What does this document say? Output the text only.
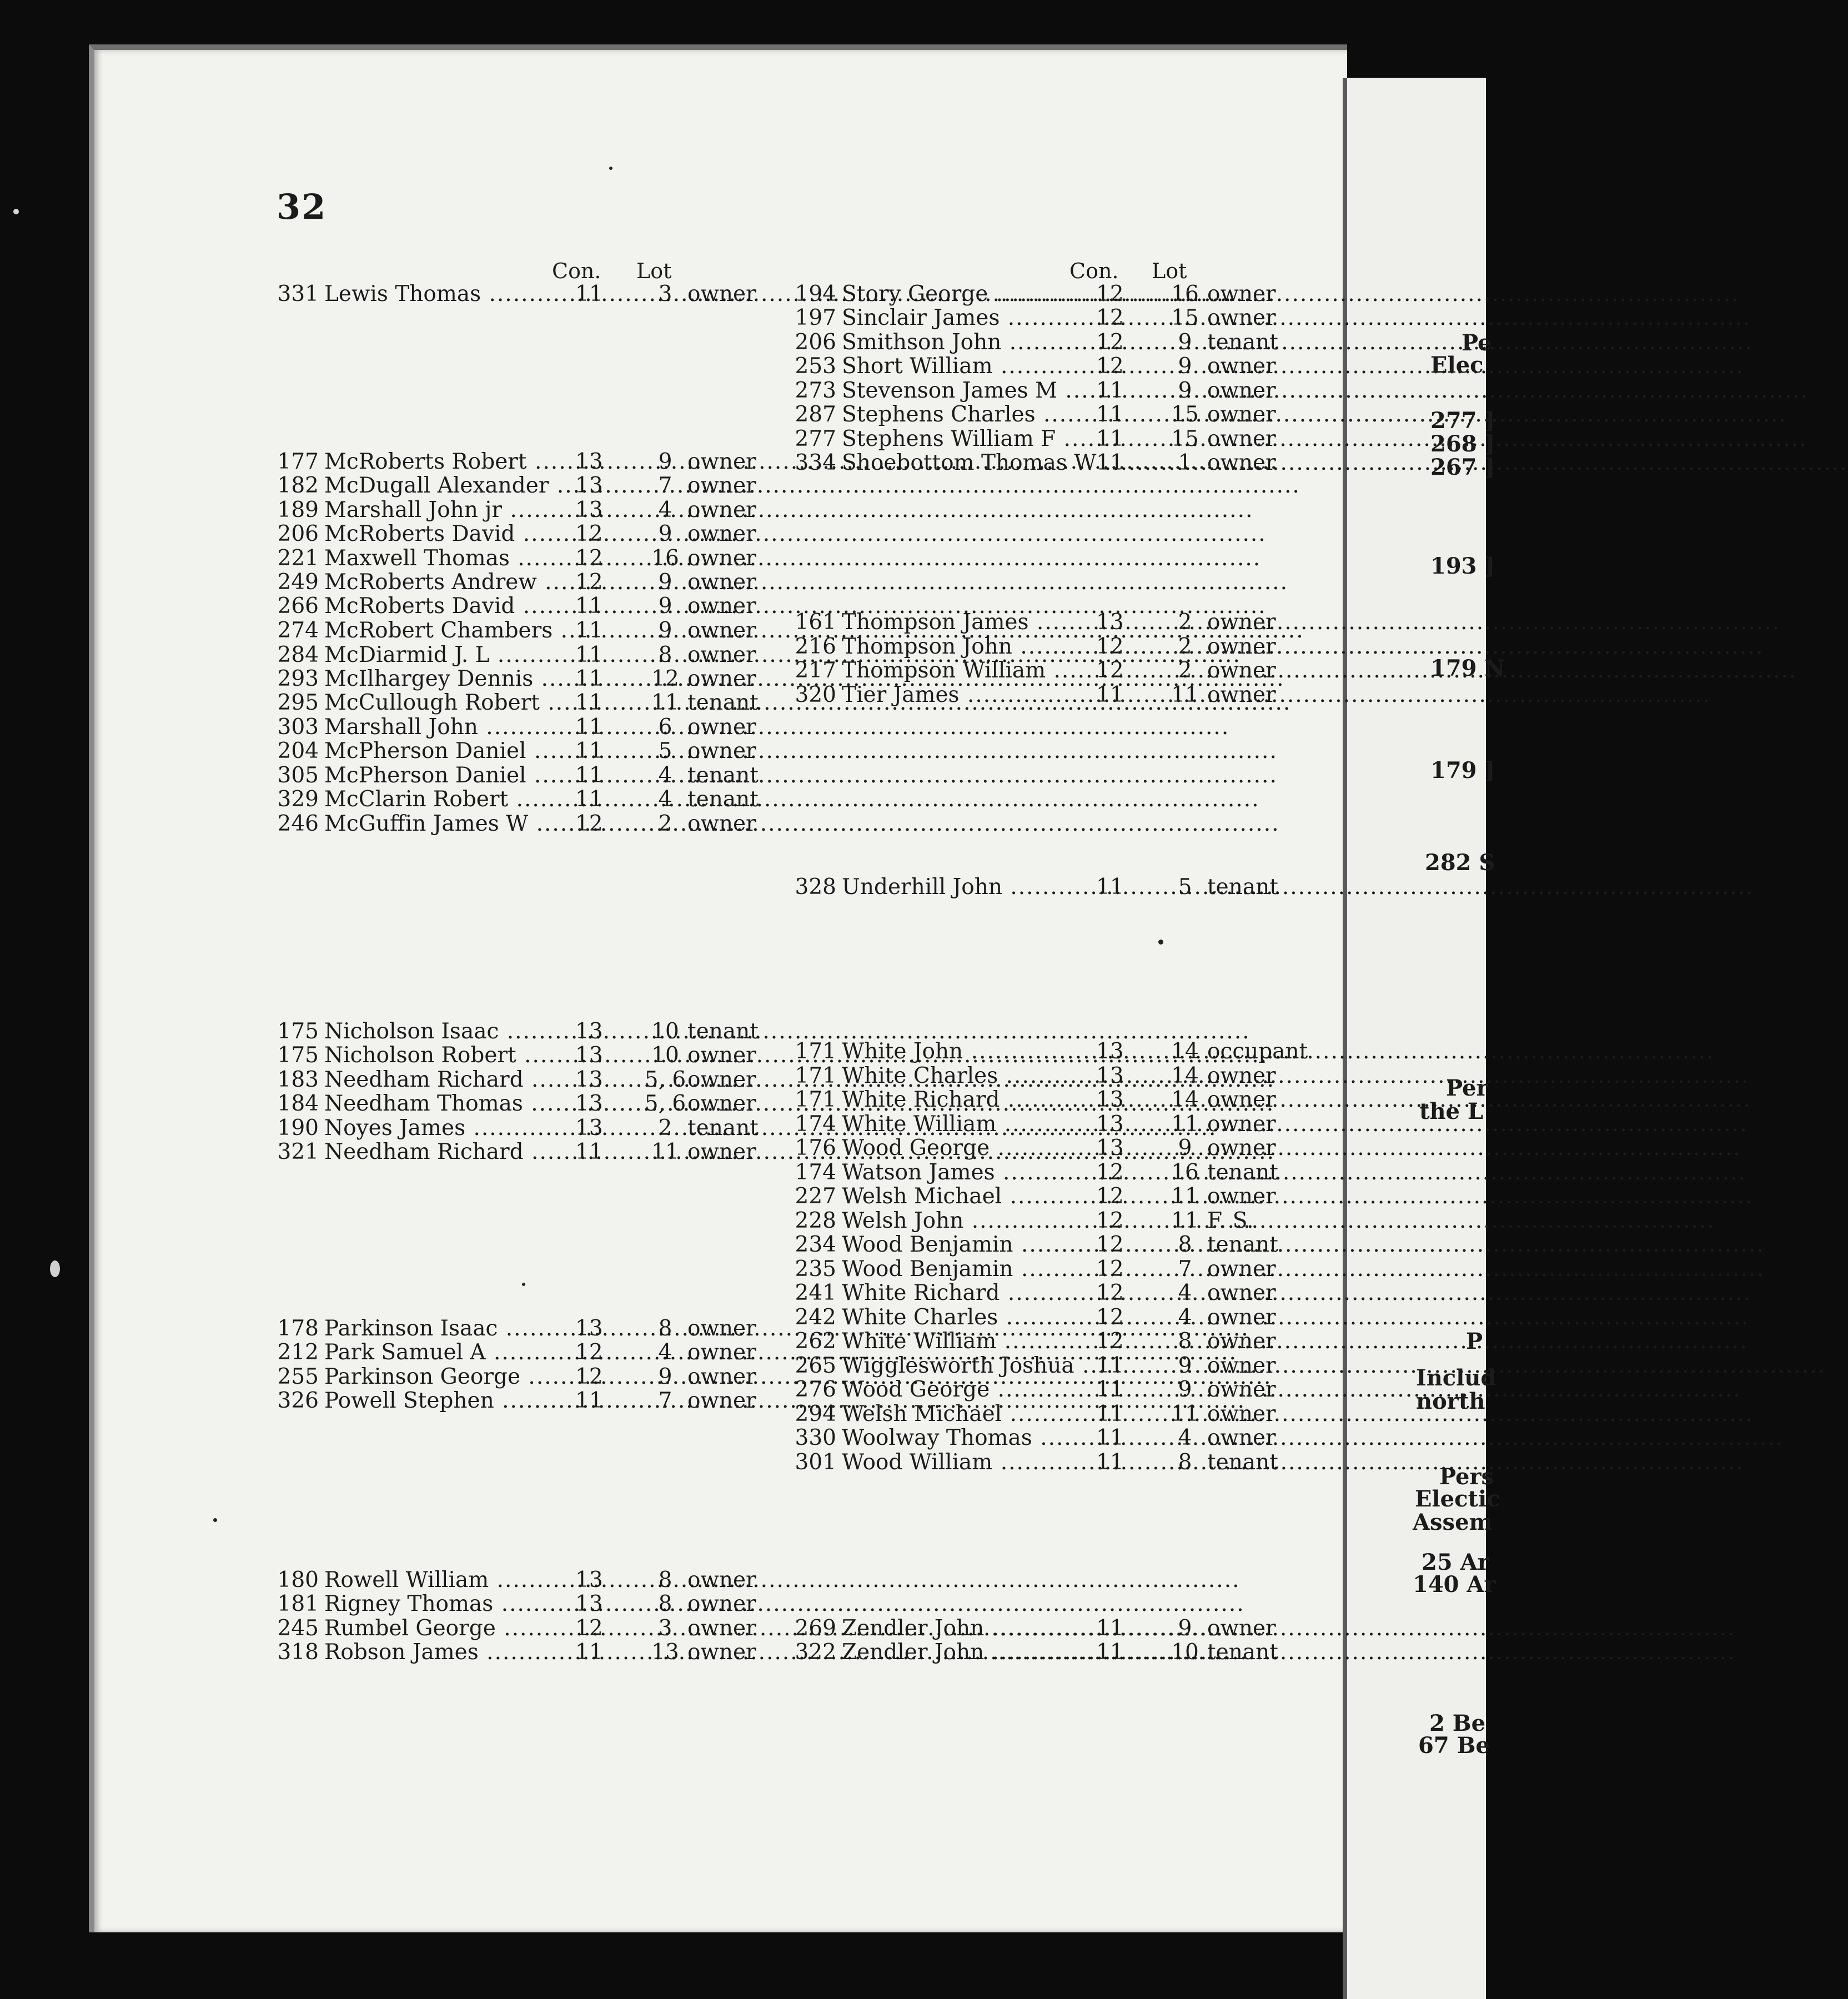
32
Con. Lot	Con. Lot
331 Lewis Thomas .....	11	3 owner
177 McRoberts Robert .....	13	9 owner
182 McDugall Alexander .....	13	7 owner
189 Marshall John jr .....	13	4 owner
206 McRoberts David .....	12	9 owner
221 Maxwell Thomas .....	12	16 owner
249 McRoberts Andrew .....	12	9 owner
266 McRoberts David .....	11	9 owner
274 McRobert Chambers .....	11	9 owner
284 McDiarmid J. L .....	11	8 owner
293 McIlhargey Dennis .....	11	12 owner
295 McCullough Robert .....	11	11 tenant
303 Marshall John .....	11	6 owner
204 McPherson Daniel .....	11	5 owner
305 McPherson Daniel .....	11	4 tenant
329 McClarin Robert .....	11	4 tenant
246 McGuffin James W .....	12	2 owner
175 Nicholson Isaac .....	13	10 tenant
175 Nicholson Robert .....	13	10 owner
183 Needham Richard .....	13	5, 6 owner
184 Needham Thomas .....	13	5, 6 owner
190 Noyes James .....	13	2 tenant
321 Needham Richard .....	11	11 owner
178 Parkinson Isaac .....	13	8 owner
212 Park Samuel A .....	12	4 owner
255 Parkinson George .....	12	9 owner
326 Powell Stephen .....	11	7 owner
180 Rowell William .....	13	8 owner
181 Rigney Thomas .....	13	8 owner
245 Rumbel George .....	12	3 owner
318 Robson James .....	11	13 owner
194 Story George .....	12	16 owner
197 Sinclair James .....	12	15 owner
206 Smithson John .....	12	9 tenant
253 Short William .....	12	9 owner
273 Stevenson James M .....	11	9 owner
287 Stephens Charles .....	11	15 owner
277 Stephens William F .....	11	15 owner
334 Shoebottom Thomas W ..... 11	1 owner
161 Thompson James .....	13	2 owner
216 Thompson John .....	12	2 owner
217 Thompson William .....	12	2 owner
320 Tier James .....	11	11 owner
328 Underhill John .....	11	5 tenant
171 White John .....	13	14 occupant
171 White Charles .....	13	14 owner
171 White Richard .....	13	14 owner
174 White William .....	13	11 owner
176 Wood George .....	13	9 owner
174 Watson James .....	12	16 tenant
227 Welsh Michael .....	12	11 owner
228 Welsh John .....	12	11 F. S.
234 Wood Benjamin .....	12	8 tenant
235 Wood Benjamin .....	12	7 owner
241 White Richard .....	12	4 owner
242 White Charles .....	12	4 owner
262 White William .....	12	8 owner
265 Wigglesworth Joshua .....	11	9 owner
276 Wood George .....	11	9 owner
294 Welsh Michael .....	11	11 owner
330 Woolway Thomas .....	11	4 owner
301 Wood William .....	11	8 tenant
269 Zendler John .....	11	9 owner
322 Zendler John .....	11	10 tenant
Pe
Elec
277 ]
268 ]
267 ]
193 ]
179 N
179 ]
282 S
Per
the L
P
Includ
north
Pers
Electic
Assem
25 Ar
140 Ar
2 Be
67 Be
